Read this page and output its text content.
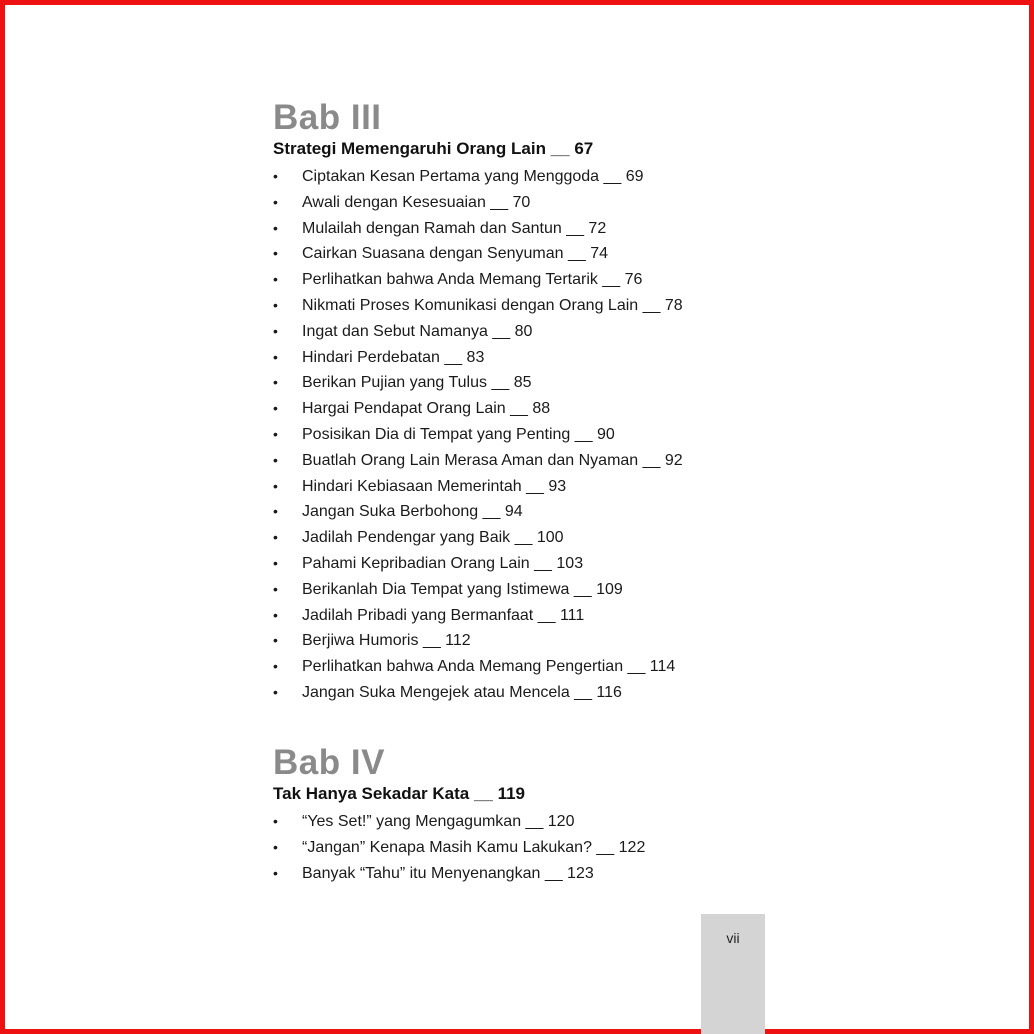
Bab III
Strategi Memengaruhi Orang Lain __ 67
• Ciptakan Kesan Pertama yang Menggoda __ 69
• Awali dengan Kesesuaian __ 70
• Mulailah dengan Ramah dan Santun __ 72
• Cairkan Suasana dengan Senyuman __ 74
• Perlihatkan bahwa Anda Memang Tertarik __ 76
• Nikmati Proses Komunikasi dengan Orang Lain __ 78
• Ingat dan Sebut Namanya __ 80
• Hindari Perdebatan __ 83
• Berikan Pujian yang Tulus __ 85
• Hargai Pendapat Orang Lain __ 88
• Posisikan Dia di Tempat yang Penting __ 90
• Buatlah Orang Lain Merasa Aman dan Nyaman __ 92
• Hindari Kebiasaan Memerintah __ 93
• Jangan Suka Berbohong __ 94
• Jadilah Pendengar yang Baik __ 100
• Pahami Kepribadian Orang Lain __ 103
• Berikanlah Dia Tempat yang Istimewa __ 109
• Jadilah Pribadi yang Bermanfaat __ 111
• Berjiwa Humoris __ 112
• Perlihatkan bahwa Anda Memang Pengertian __ 114
• Jangan Suka Mengejek atau Mencela __ 116
Bab IV
Tak Hanya Sekadar Kata __ 119
• “Yes Set!” yang Mengagumkan __ 120
• “Jangan” Kenapa Masih Kamu Lakukan? __ 122
• Banyak “Tahu” itu Menyenangkan __ 123
vii
